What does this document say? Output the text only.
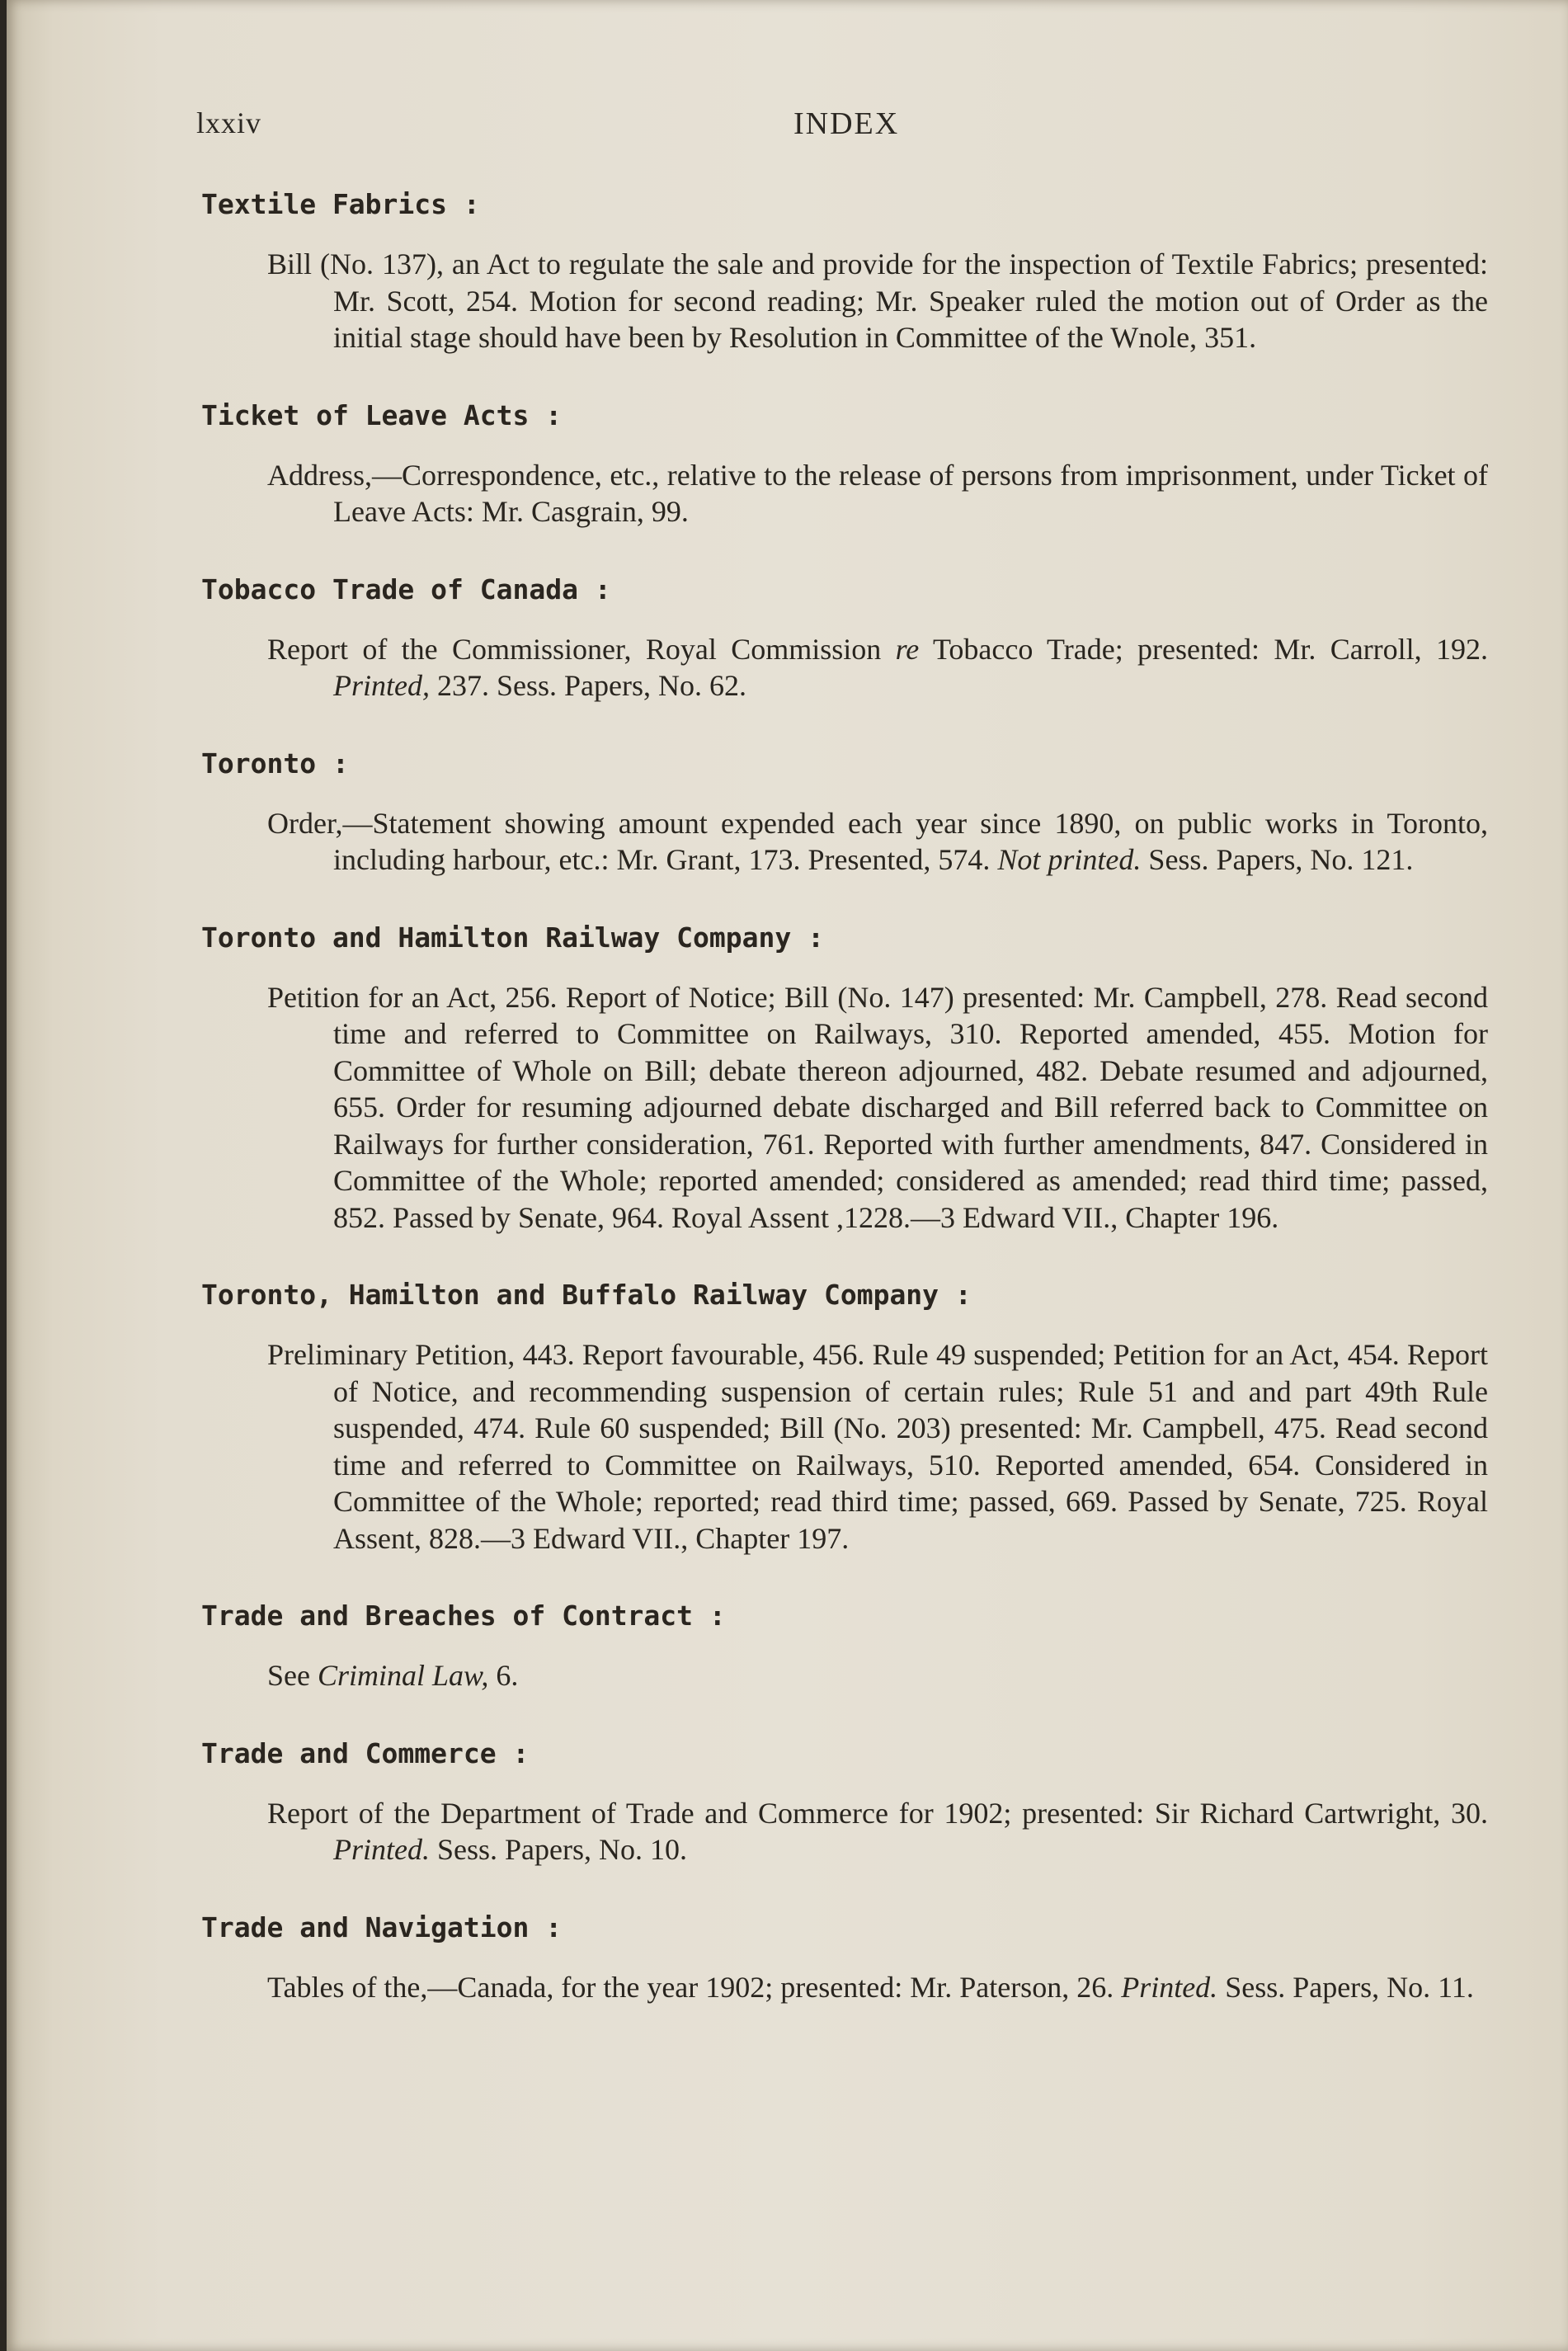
lxxiv	INDEX
Textile Fabrics :
Bill (No. 137), an Act to regulate the sale and provide for the inspection of Textile Fabrics; presented: Mr. Scott, 254. Motion for second reading; Mr. Speaker ruled the motion out of Order as the initial stage should have been by Resolution in Committee of the Wnole, 351.
Ticket of Leave Acts :
Address,—Correspondence, etc., relative to the release of persons from imprisonment, under Ticket of Leave Acts: Mr. Casgrain, 99.
Tobacco Trade of Canada :
Report of the Commissioner, Royal Commission re Tobacco Trade; presented: Mr. Carroll, 192. Printed, 237. Sess. Papers, No. 62.
Toronto :
Order,—Statement showing amount expended each year since 1890, on public works in Toronto, including harbour, etc.: Mr. Grant, 173. Presented, 574. Not printed. Sess. Papers, No. 121.
Toronto and Hamilton Railway Company :
Petition for an Act, 256. Report of Notice; Bill (No. 147) presented: Mr. Campbell, 278. Read second time and referred to Committee on Railways, 310. Reported amended, 455. Motion for Committee of Whole on Bill; debate thereon adjourned, 482. Debate resumed and adjourned, 655. Order for resuming adjourned debate discharged and Bill referred back to Committee on Railways for further consideration, 761. Reported with further amendments, 847. Considered in Committee of the Whole; reported amended; considered as amended; read third time; passed, 852. Passed by Senate, 964. Royal Assent ,1228.—3 Edward VII., Chapter 196.
Toronto, Hamilton and Buffalo Railway Company :
Preliminary Petition, 443. Report favourable, 456. Rule 49 suspended; Petition for an Act, 454. Report of Notice, and recommending suspension of certain rules; Rule 51 and and part 49th Rule suspended, 474. Rule 60 suspended; Bill (No. 203) presented: Mr. Campbell, 475. Read second time and referred to Committee on Railways, 510. Reported amended, 654. Considered in Committee of the Whole; reported; read third time; passed, 669. Passed by Senate, 725. Royal Assent, 828.—3 Edward VII., Chapter 197.
Trade and Breaches of Contract :
See Criminal Law, 6.
Trade and Commerce :
Report of the Department of Trade and Commerce for 1902; presented: Sir Richard Cartwright, 30. Printed. Sess. Papers, No. 10.
Trade and Navigation :
Tables of the,—Canada, for the year 1902; presented: Mr. Paterson, 26. Printed. Sess. Papers, No. 11.
